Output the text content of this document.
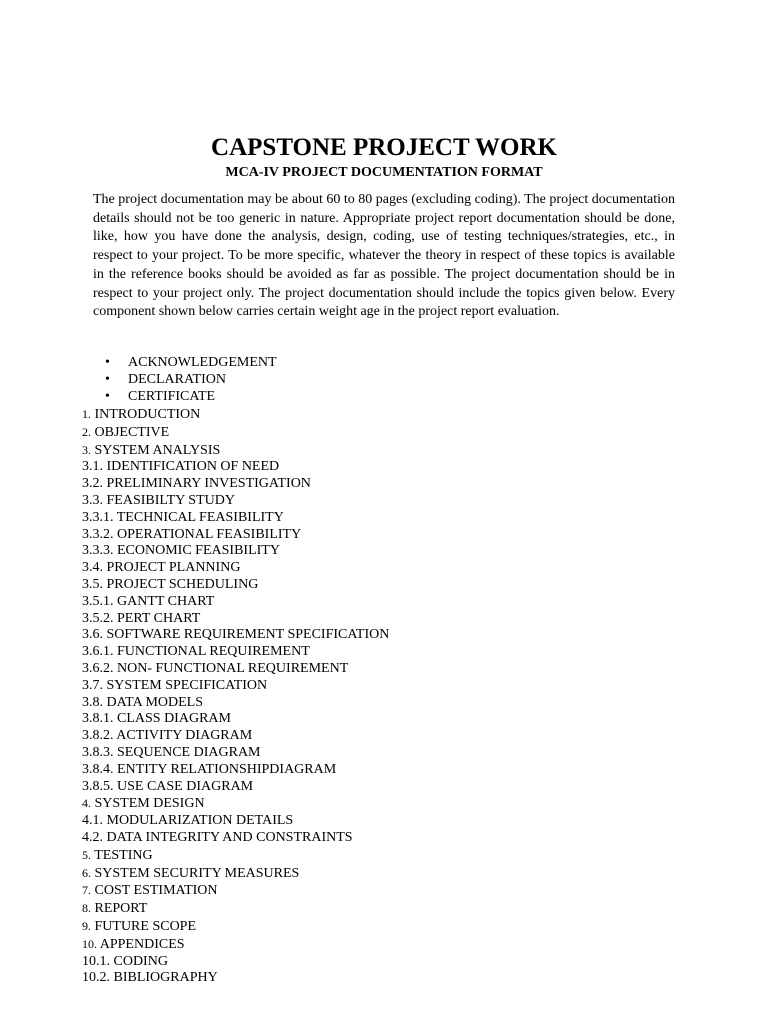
CAPSTONE PROJECT WORK
MCA-IV PROJECT DOCUMENTATION FORMAT

The project documentation may be about 60 to 80 pages (excluding coding). The project documentation details should not be too generic in nature. Appropriate project report documentation should be done, like, how you have done the analysis, design, coding, use of testing techniques/strategies, etc., in respect to your project. To be more specific, whatever the theory in respect of these topics is available in the reference books should be avoided as far as possible. The project documentation should be in respect to your project only. The project documentation should include the topics given below. Every component shown below carries certain weight age in the project report evaluation.

• ACKNOWLEDGEMENT
• DECLARATION
• CERTIFICATE
1. INTRODUCTION
2. OBJECTIVE
3. SYSTEM ANALYSIS
3.1. IDENTIFICATION OF NEED
3.2. PRELIMINARY INVESTIGATION
3.3. FEASIBILTY STUDY
3.3.1. TECHNICAL FEASIBILITY
3.3.2. OPERATIONAL FEASIBILITY
3.3.3. ECONOMIC FEASIBILITY
3.4. PROJECT PLANNING
3.5. PROJECT SCHEDULING
3.5.1. GANTT CHART
3.5.2. PERT CHART
3.6. SOFTWARE REQUIREMENT SPECIFICATION
3.6.1. FUNCTIONAL REQUIREMENT
3.6.2. NON- FUNCTIONAL REQUIREMENT
3.7. SYSTEM SPECIFICATION
3.8. DATA MODELS
3.8.1. CLASS DIAGRAM
3.8.2. ACTIVITY DIAGRAM
3.8.3. SEQUENCE DIAGRAM
3.8.4. ENTITY RELATIONSHIPDIAGRAM
3.8.5. USE CASE DIAGRAM
4. SYSTEM DESIGN
4.1. MODULARIZATION DETAILS
4.2. DATA INTEGRITY AND CONSTRAINTS
5. TESTING
6. SYSTEM SECURITY MEASURES
7. COST ESTIMATION
8. REPORT
9. FUTURE SCOPE
10. APPENDICES
10.1. CODING
10.2. BIBLIOGRAPHY
